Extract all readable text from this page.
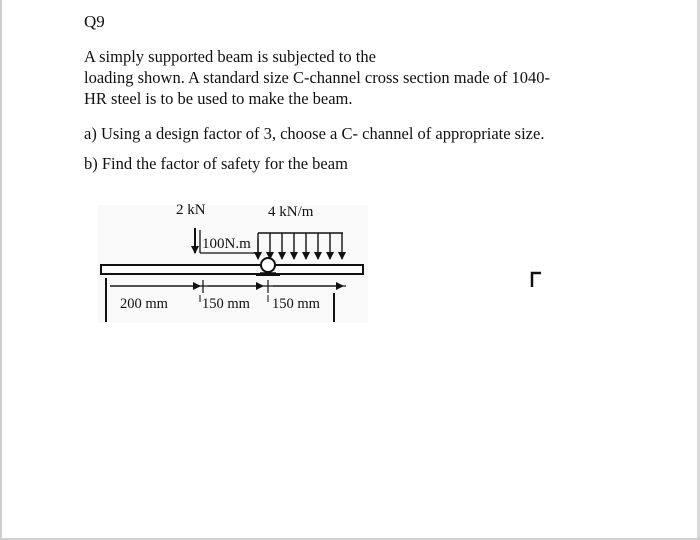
Q9
A simply supported beam is subjected to the
loading shown. A standard size C-channel cross section made of 1040-
HR steel is to be used to make the beam.
a) Using a design factor of 3, choose a C- channel of appropriate size.
b) Find the factor of safety for the beam
2 kN	4 kN/m
100N.m
200 mm 150 mm 150 mm
